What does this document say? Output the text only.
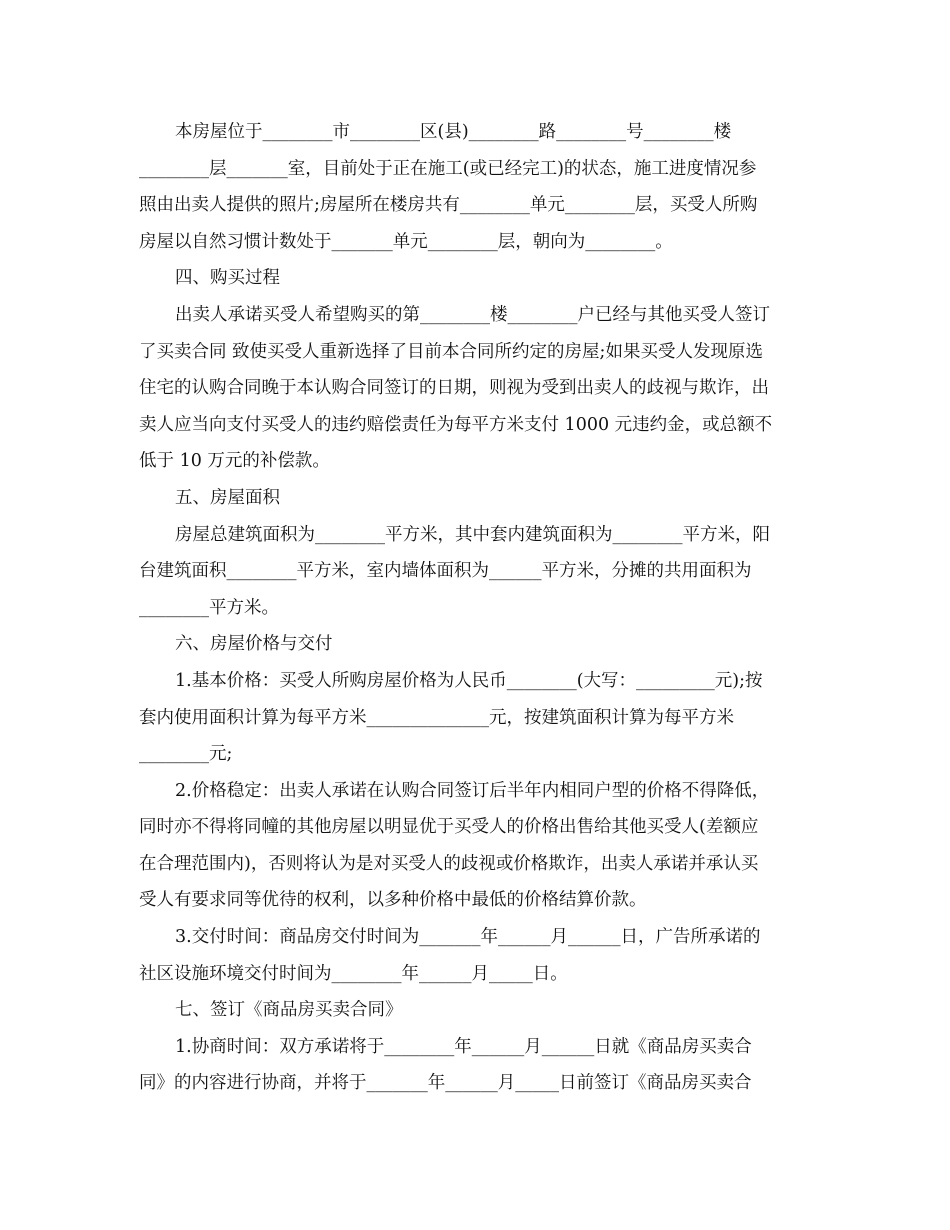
本房屋位于________市________区(县)________路________号________楼
________层_______室，目前处于正在施工(或已经完工)的状态，施工进度情况参
照由出卖人提供的照片;房屋所在楼房共有________单元________层，买受人所购
房屋以自然习惯计数处于_______单元________层，朝向为________。

四、购买过程

出卖人承诺买受人希望购买的第________楼________户已经与其他买受人签订
了买卖合同 致使买受人重新选择了目前本合同所约定的房屋;如果买受人发现原选
住宅的认购合同晚于本认购合同签订的日期，则视为受到出卖人的歧视与欺诈，出
卖人应当向支付买受人的违约赔偿责任为每平方米支付 1000 元违约金，或总额不
低于 10 万元的补偿款。

五、房屋面积

房屋总建筑面积为________平方米，其中套内建筑面积为________平方米，阳
台建筑面积________平方米，室内墙体面积为______平方米，分摊的共用面积为
________平方米。

六、房屋价格与交付

1.基本价格：买受人所购房屋价格为人民币________(大写：_________元);按
套内使用面积计算为每平方米______________元，按建筑面积计算为每平方米
________元;

2.价格稳定：出卖人承诺在认购合同签订后半年内相同户型的价格不得降低，
同时亦不得将同幢的其他房屋以明显优于买受人的价格出售给其他买受人(差额应
在合理范围内)，否则将认为是对买受人的歧视或价格欺诈，出卖人承诺并承认买
受人有要求同等优待的权利，以多种价格中最低的价格结算价款。

3.交付时间：商品房交付时间为_______年______月______日，广告所承诺的
社区设施环境交付时间为________年______月_____日。

七、签订《商品房买卖合同》

1.协商时间：双方承诺将于________年______月______日就《商品房买卖合
同》的内容进行协商，并将于_______年______月_____日前签订《商品房买卖合
